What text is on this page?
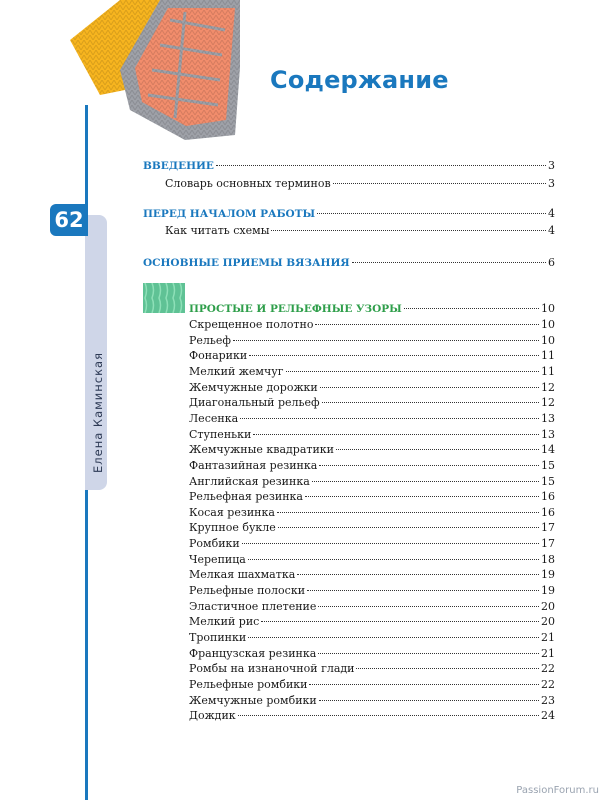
Содержание
62
Елена Каминская
ВВЕДЕНИЕ	3
Словарь основных терминов	3
ПЕРЕД НАЧАЛОМ РАБОТЫ	4
Как читать схемы	4
ОСНОВНЫЕ ПРИЕМЫ ВЯЗАНИЯ	6
ПРОСТЫЕ И РЕЛЬЕФНЫЕ УЗОРЫ	10
Скрещенное полотно	10
Рельеф	10
Фонарики	11
Мелкий жемчуг	11
Жемчужные дорожки	12
Диагональный рельеф	12
Лесенка	13
Ступеньки	13
Жемчужные квадратики	14
Фантазийная резинка	15
Английская резинка	15
Рельефная резинка	16
Косая резинка	16
Крупное букле	17
Ромбики	17
Черепица	18
Мелкая шахматка	19
Рельефные полоски	19
Эластичное плетение	20
Мелкий рис	20
Тропинки	21
Французская резинка	21
Ромбы на изнаночной глади	22
Рельефные ромбики	22
Жемчужные ромбики	23
Дождик	24
PassionForum.ru
